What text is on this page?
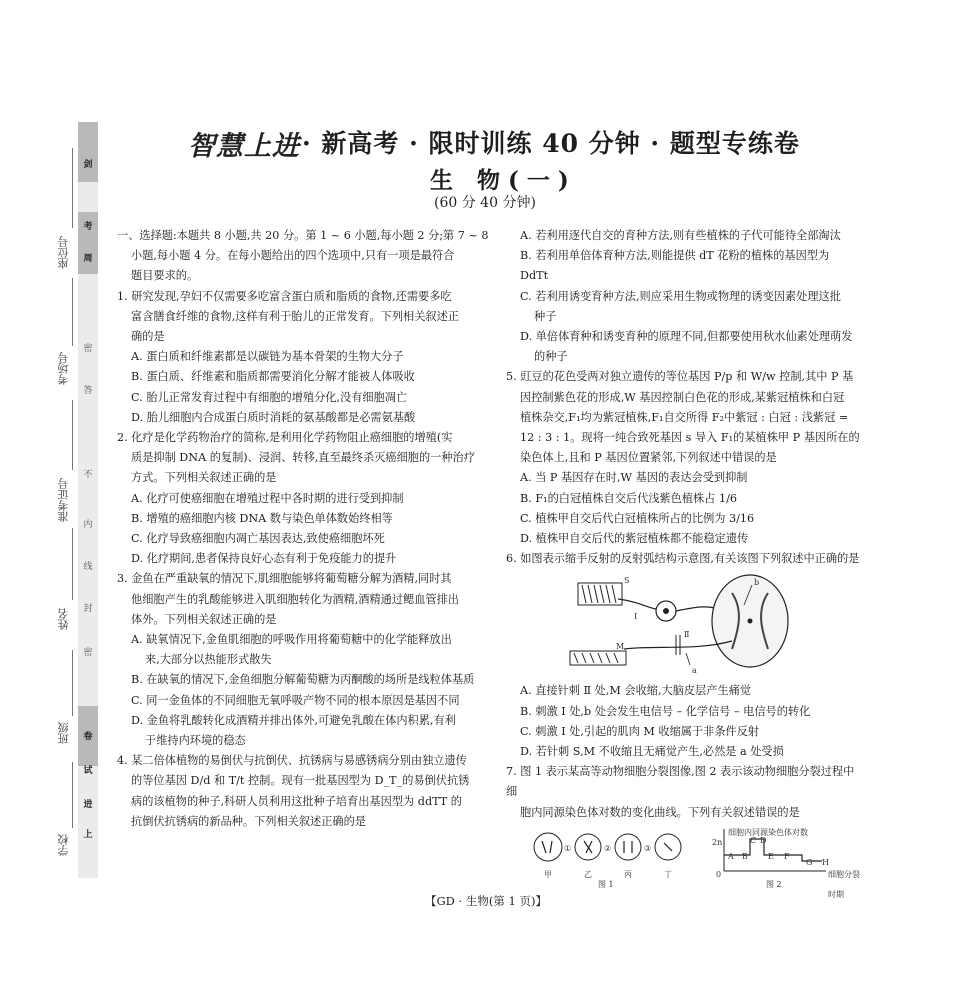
剑
考
周
密
答
不
内
线
封
密
卷
试
上
进
座位号
考场号
准考证号
姓名
班级
学校
智慧上进 · 新高考 · 限时训练 40 分钟 · 题型专练卷
生 物(一)
(60 分 40 分钟)

一、选择题:本题共 8 小题,共 20 分。第 1 ~ 6 小题,每小题 2 分;第 7 ~ 8

小题,每小题 4 分。在每小题给出的四个选项中,只有一项是最符合

题目要求的。

1. 研究发现,孕妇不仅需要多吃富含蛋白质和脂质的食物,还需要多吃

富含膳食纤维的食物,这样有利于胎儿的正常发育。下列相关叙述正

确的是

A. 蛋白质和纤维素都是以碳链为基本骨架的生物大分子

B. 蛋白质、纤维素和脂质都需要消化分解才能被人体吸收

C. 胎儿正常发育过程中有细胞的增殖分化,没有细胞凋亡

D. 胎儿细胞内合成蛋白质时消耗的氨基酸都是必需氨基酸

2. 化疗是化学药物治疗的简称,是利用化学药物阻止癌细胞的增殖(实

质是抑制 DNA 的复制)、浸润、转移,直至最终杀灭癌细胞的一种治疗

方式。下列相关叙述正确的是

A. 化疗可使癌细胞在增殖过程中各时期的进行受到抑制

B. 增殖的癌细胞内核 DNA 数与染色单体数始终相等

C. 化疗导致癌细胞内凋亡基因表达,致使癌细胞坏死

D. 化疗期间,患者保持良好心态有利于免疫能力的提升

3. 金鱼在严重缺氧的情况下,肌细胞能够将葡萄糖分解为酒精,同时其

他细胞产生的乳酸能够进入肌细胞转化为酒精,酒精通过鳃血管排出

体外。下列相关叙述正确的是

A. 缺氧情况下,金鱼肌细胞的呼吸作用将葡萄糖中的化学能释放出

来,大部分以热能形式散失

B. 在缺氧的情况下,金鱼细胞分解葡萄糖为丙酮酸的场所是线粒体基质

C. 同一金鱼体的不同细胞无氧呼吸产物不同的根本原因是基因不同

D. 金鱼将乳酸转化成酒精并排出体外,可避免乳酸在体内积累,有利

于维持内环境的稳态

4. 某二倍体植物的易倒伏与抗倒伏、抗锈病与易感锈病分别由独立遗传

的等位基因 D/d 和 T/t 控制。现有一批基因型为 D_T_的易倒伏抗锈

病的该植物的种子,科研人员利用这批种子培育出基因型为 ddTT 的

抗倒伏抗锈病的新品种。下列相关叙述正确的是

A. 若利用逐代自交的育种方法,则有些植株的子代可能待全部淘汰

B. 若利用单倍体育种方法,则能提供 dT 花粉的植株的基因型为 DdTt

C. 若利用诱变育种方法,则应采用生物或物理的诱变因素处理这批

种子

D. 单倍体育种和诱变育种的原理不同,但都要使用秋水仙素处理萌发

的种子

5. 豇豆的花色受两对独立遗传的等位基因 P/p 和 W/w 控制,其中 P 基

因控制紫色花的形成,W 基因控制白色花的形成,某紫冠植株和白冠

植株杂交,F₁均为紫冠植株,F₁自交所得 F₂中紫冠 : 白冠 : 浅紫冠 =

12 : 3 : 1。现将一纯合致死基因 s 导入 F₁的某植株甲 P 基因所在的

染色体上,且和 P 基因位置紧邻,下列叙述中错误的是

A. 当 P 基因存在时,W 基因的表达会受到抑制

B. F₁的白冠植株自交后代浅紫色植株占 1/6

C. 植株甲自交后代白冠植株所占的比例为 3/16

D. 植株甲自交后代的紫冠植株都不能稳定遗传

6. 如图表示缩手反射的反射弧结构示意图,有关该图下列叙述中正确的是

S
Ⅰ
Ⅱ
M
a
b

A. 直接针刺 Ⅱ 处,M 会收缩,大脑皮层产生痛觉

B. 刺激 Ⅰ 处,b 处会发生电信号 – 化学信号 – 电信号的转化

C. 刺激 Ⅰ 处,引起的肌肉 M 收缩属于非条件反射

D. 若针刺 S,M 不收缩且无痛觉产生,必然是 a 处受损

7. 图 1 表示某高等动物细胞分裂图像,图 2 表示该动物细胞分裂过程中细

胞内同源染色体对数的变化曲线。下列有关叙述错误的是

甲	乙	丙	丁
①	②	③
图 1
细胞内同源染色体对数
2n
0
A B
C D
E F
G H
细胞分裂时期
图 2
【GD · 生物(第 1 页)】
